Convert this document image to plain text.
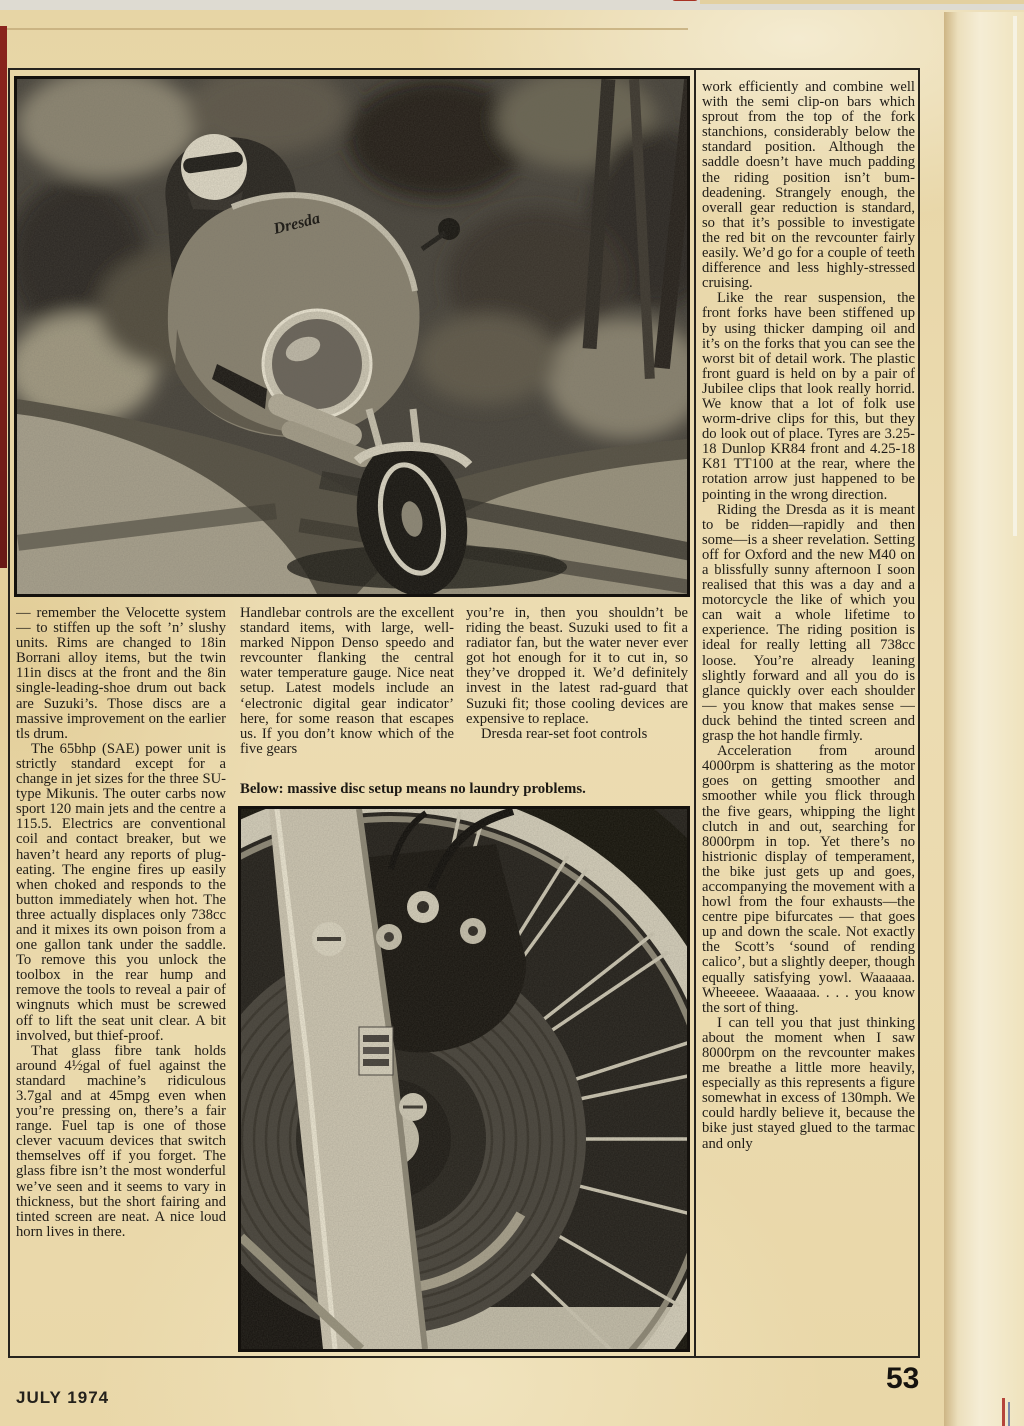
work efficiently and combine well with the semi clip-on bars which sprout from the top of the fork stanchions, considerably below the standard position. Although the saddle doesn’t have much padding the riding position isn’t bum-deadening. Strangely enough, the overall gear reduction is standard, so that it’s possible to investigate the red bit on the revcounter fairly easily. We’d go for a couple of teeth difference and less highly-stressed cruising.

Like the rear suspension, the front forks have been stiffened up by using thicker damping oil and it’s on the forks that you can see the worst bit of detail work. The plastic front guard is held on by a pair of Jubilee clips that look really horrid. We know that a lot of folk use worm-drive clips for this, but they do look out of place. Tyres are 3.25-18 Dunlop KR84 front and 4.25-18 K81 TT100 at the rear, where the rotation arrow just happened to be pointing in the wrong direction.

Riding the Dresda as it is meant to be ridden—rapidly and then some—is a sheer revelation. Setting off for Oxford and the new M40 on a blissfully sunny afternoon I soon realised that this was a day and a motorcycle the like of which you can wait a whole lifetime to experience. The riding position is ideal for really letting all 738cc loose. You’re already leaning slightly forward and all you do is glance quickly over each shoulder — you know that makes sense — duck behind the tinted screen and grasp the hot handle firmly.

Acceleration from around 4000rpm is shattering as the motor goes on getting smoother and smoother while you flick through the five gears, whipping the light clutch in and out, searching for 8000rpm in top. Yet there’s no histrionic display of temperament, the bike just gets up and goes, accompanying the movement with a howl from the four exhausts—the centre pipe bifurcates — that goes up and down the scale. Not exactly the Scott’s ‘sound of rending calico’, but a slightly deeper, though equally satisfying yowl. Waaaaaa. Wheeeee. Waaaaaa. . . . you know the sort of thing.

I can tell you that just thinking about the moment when I saw 8000rpm on the revcounter makes me breathe a little more heavily, especially as this represents a figure somewhat in excess of 130mph. We could hardly believe it, because the bike just stayed glued to the tarmac and only

— remember the Velocette system — to stiffen up the soft ’n’ slushy units. Rims are changed to 18in Borrani alloy items, but the twin 11in discs at the front and the 8in single-leading-shoe drum out back are Suzuki’s. Those discs are a massive improvement on the earlier tls drum.

The 65bhp (SAE) power unit is strictly standard except for a change in jet sizes for the three SU-type Mikunis. The outer carbs now sport 120 main jets and the centre a 115.5. Electrics are conventional coil and contact breaker, but we haven’t heard any reports of plug-eating. The engine fires up easily when choked and responds to the button immediately when hot. The three actually displaces only 738cc and it mixes its own poison from a one gallon tank under the saddle. To remove this you unlock the toolbox in the rear hump and remove the tools to reveal a pair of wingnuts which must be screwed off to lift the seat unit clear. A bit involved, but thief-proof.

That glass fibre tank holds around 4½gal of fuel against the standard machine’s ridiculous 3.7gal and at 45mpg even when you’re pressing on, there’s a fair range. Fuel tap is one of those clever vacuum devices that switch themselves off if you forget. The glass fibre isn’t the most wonderful we’ve seen and it seems to vary in thickness, but the short fairing and tinted screen are neat. A nice loud horn lives in there.

Handlebar controls are the excellent standard items, with large, well-marked Nippon Denso speedo and revcounter flanking the central water temperature gauge. Nice neat setup. Latest models include an ‘electronic digital gear indicator’ here, for some reason that escapes us. If you don’t know which of the five gears

you’re in, then you shouldn’t be riding the beast. Suzuki used to fit a radiator fan, but the water never ever got hot enough for it to cut in, so they’ve dropped it. We’d definitely invest in the latest rad-guard that Suzuki fit; those cooling devices are expensive to replace.

Dresda rear-set foot controls

Below: massive disc setup means no laundry problems.
JULY 1974
53
